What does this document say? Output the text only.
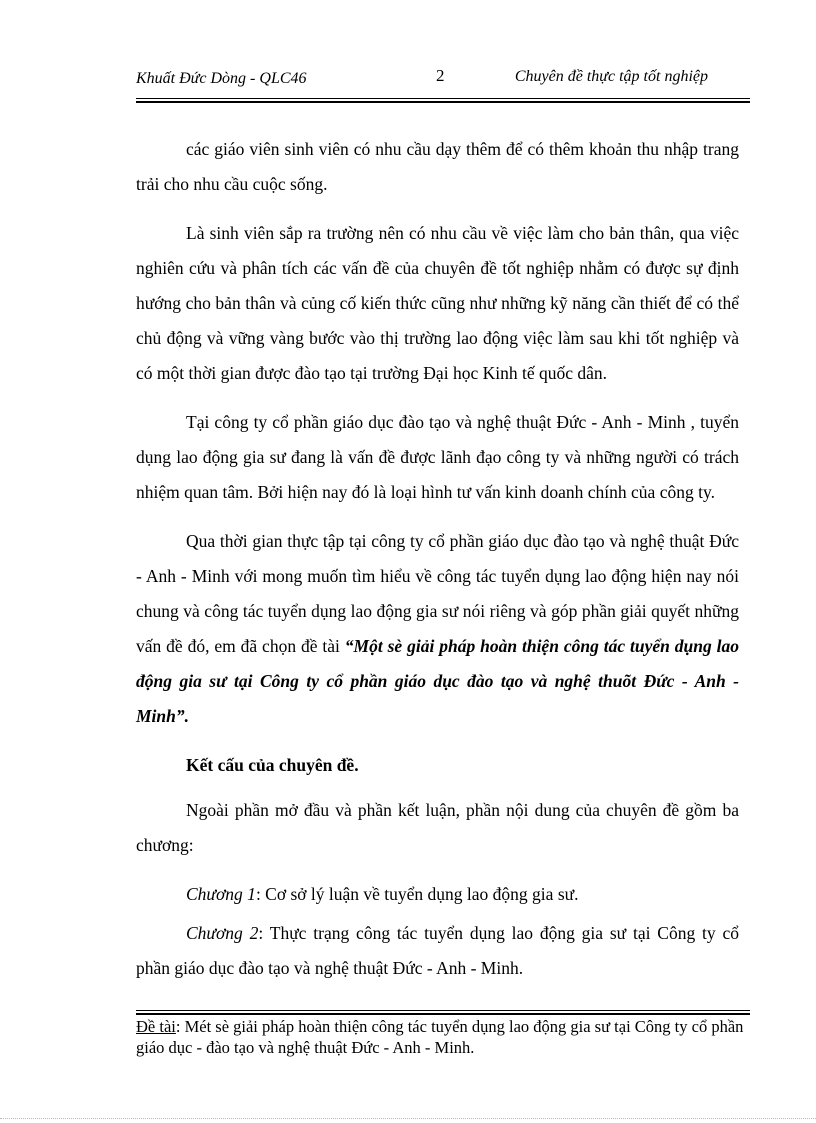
Khuất Đức Dòng - QLC46	2	Chuyên đề thực tập tốt nghiệp

các giáo viên sinh viên có nhu cầu dạy thêm để có thêm khoản thu nhập trang trải cho nhu cầu cuộc sống.

Là sinh viên sắp ra trường nên có nhu cầu về việc làm cho bản thân, qua việc nghiên cứu và phân tích các vấn đề của chuyên đề tốt nghiệp nhằm có được sự định hướng cho bản thân và củng cố kiến thức cũng như những kỹ năng cần thiết để có thể chủ động và vững vàng bước vào thị trường lao động việc làm sau khi tốt nghiệp và có một thời gian được đào tạo tại trường Đại học Kinh tế quốc dân.

Tại công ty cổ phần giáo dục đào tạo và nghệ thuật Đức - Anh - Minh , tuyển dụng lao động gia sư đang là vấn đề được lãnh đạo công ty và những người có trách nhiệm quan tâm. Bởi hiện nay đó là loại hình tư vấn kinh doanh chính của công ty.

Qua thời gian thực tập tại công ty cổ phần giáo dục đào tạo và nghệ thuật Đức - Anh - Minh với mong muốn tìm hiểu về công tác tuyển dụng lao động hiện nay nói chung và công tác tuyển dụng lao động gia sư nói riêng và góp phần giải quyết những vấn đề đó, em đã chọn đề tài “Một sè giải pháp hoàn thiện công tác tuyển dụng lao động gia sư tại Công ty cổ phần giáo dục đào tạo và nghệ thuõt Đức - Anh - Minh”.

Kết cấu của chuyên đề.

Ngoài phần mở đầu và phần kết luận, phần nội dung của chuyên đề gồm ba chương:

Chương 1: Cơ sở lý luận về tuyển dụng lao động gia sư.

Chương 2: Thực trạng công tác tuyển dụng lao động gia sư tại Công ty cổ phần giáo dục đào tạo và nghệ thuật Đức - Anh - Minh.

Đề tài: Mét sè giải pháp hoàn thiện công tác tuyển dụng lao động gia sư tại Công ty cổ phần giáo dục - đào tạo và nghệ thuật Đức - Anh - Minh.
